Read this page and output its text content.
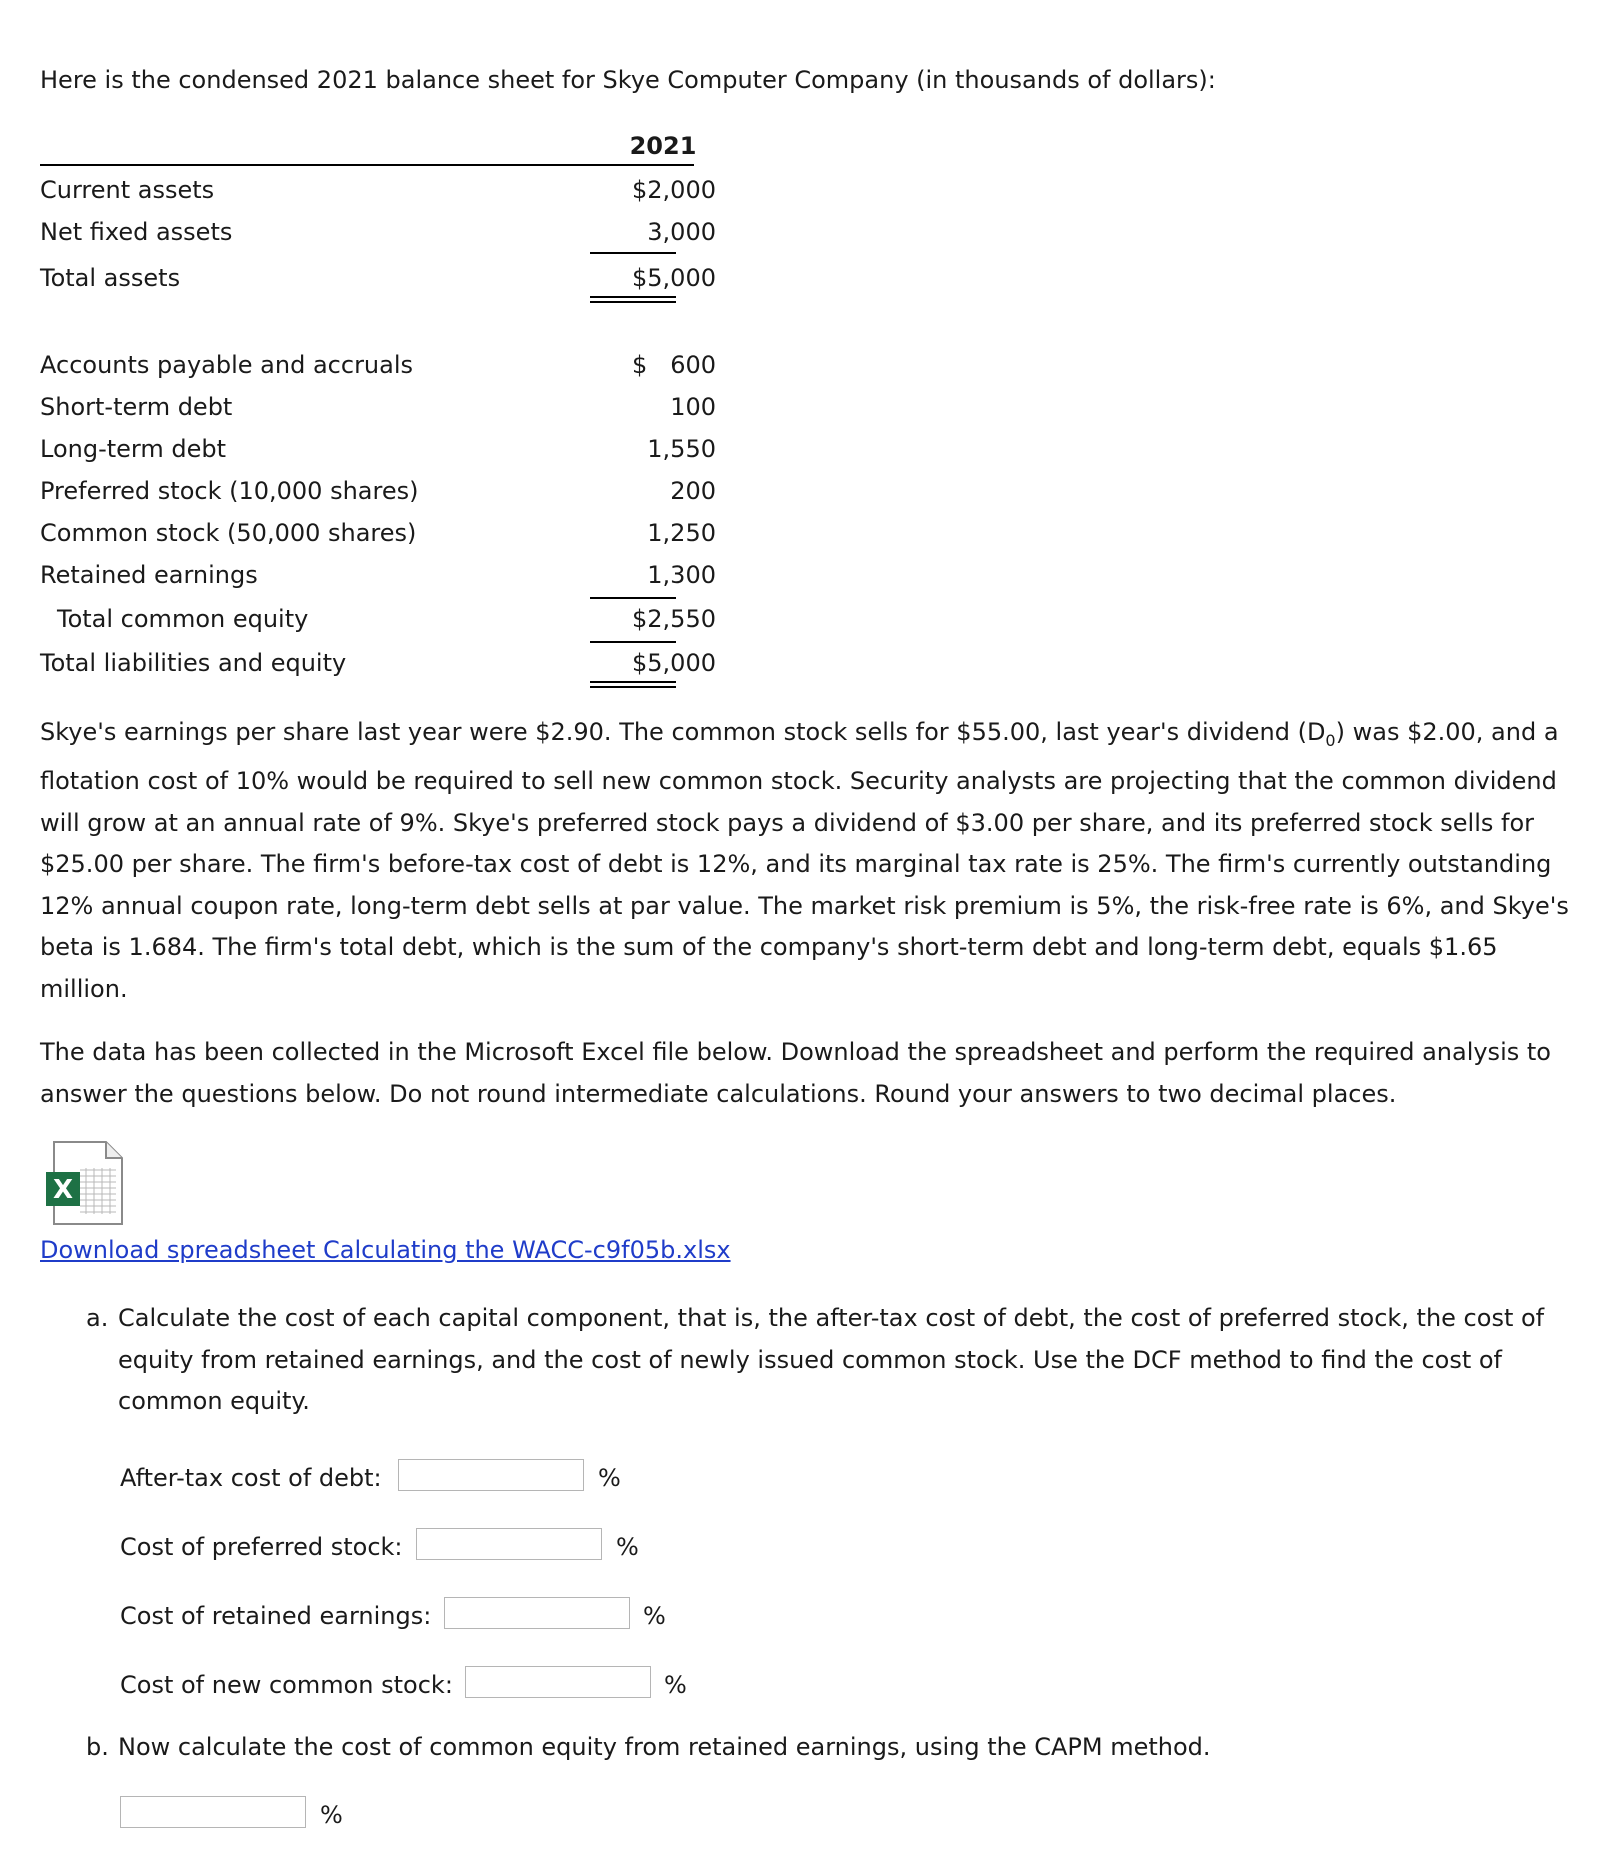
Here is the condensed 2021 balance sheet for Skye Computer Company (in thousands of dollars):

2021
Current assets	$2,000
Net fixed assets	3,000
Total assets	$5,000
Accounts payable and accruals	$   600
Short-term debt	100
Long-term debt	1,550
Preferred stock (10,000 shares)	200
Common stock (50,000 shares)	1,250
Retained earnings	1,300
Total common equity	$2,550
Total liabilities and equity	$5,000

Skye's earnings per share last year were $2.90. The common stock sells for $55.00, last year's dividend $(D_0)$ was $2.00, and a flotation cost of 10% would be required to sell new common stock. Security analysts are projecting that the common dividend will grow at an annual rate of 9%. Skye's preferred stock pays a dividend of $3.00 per share, and its preferred stock sells for $25.00 per share. The firm's before-tax cost of debt is 12%, and its marginal tax rate is 25%. The firm's currently outstanding 12% annual coupon rate, long-term debt sells at par value. The market risk premium is 5%, the risk-free rate is 6%, and Skye's beta is 1.684. The firm's total debt, which is the sum of the company's short-term debt and long-term debt, equals $1.65 million.

The data has been collected in the Microsoft Excel file below. Download the spreadsheet and perform the required analysis to answer the questions below. Do not round intermediate calculations. Round your answers to two decimal places.

X
Download spreadsheet Calculating the WACC-c9f05b.xlsx
a. Calculate the cost of each capital component, that is, the after-tax cost of debt, the cost of preferred stock, the cost of equity from retained earnings, and the cost of newly issued common stock. Use the DCF method to find the cost of common equity.
After-tax cost of debt:	%
Cost of preferred stock:	%
Cost of retained earnings:	%
Cost of new common stock:	%
b. Now calculate the cost of common equity from retained earnings, using the CAPM method.
%
